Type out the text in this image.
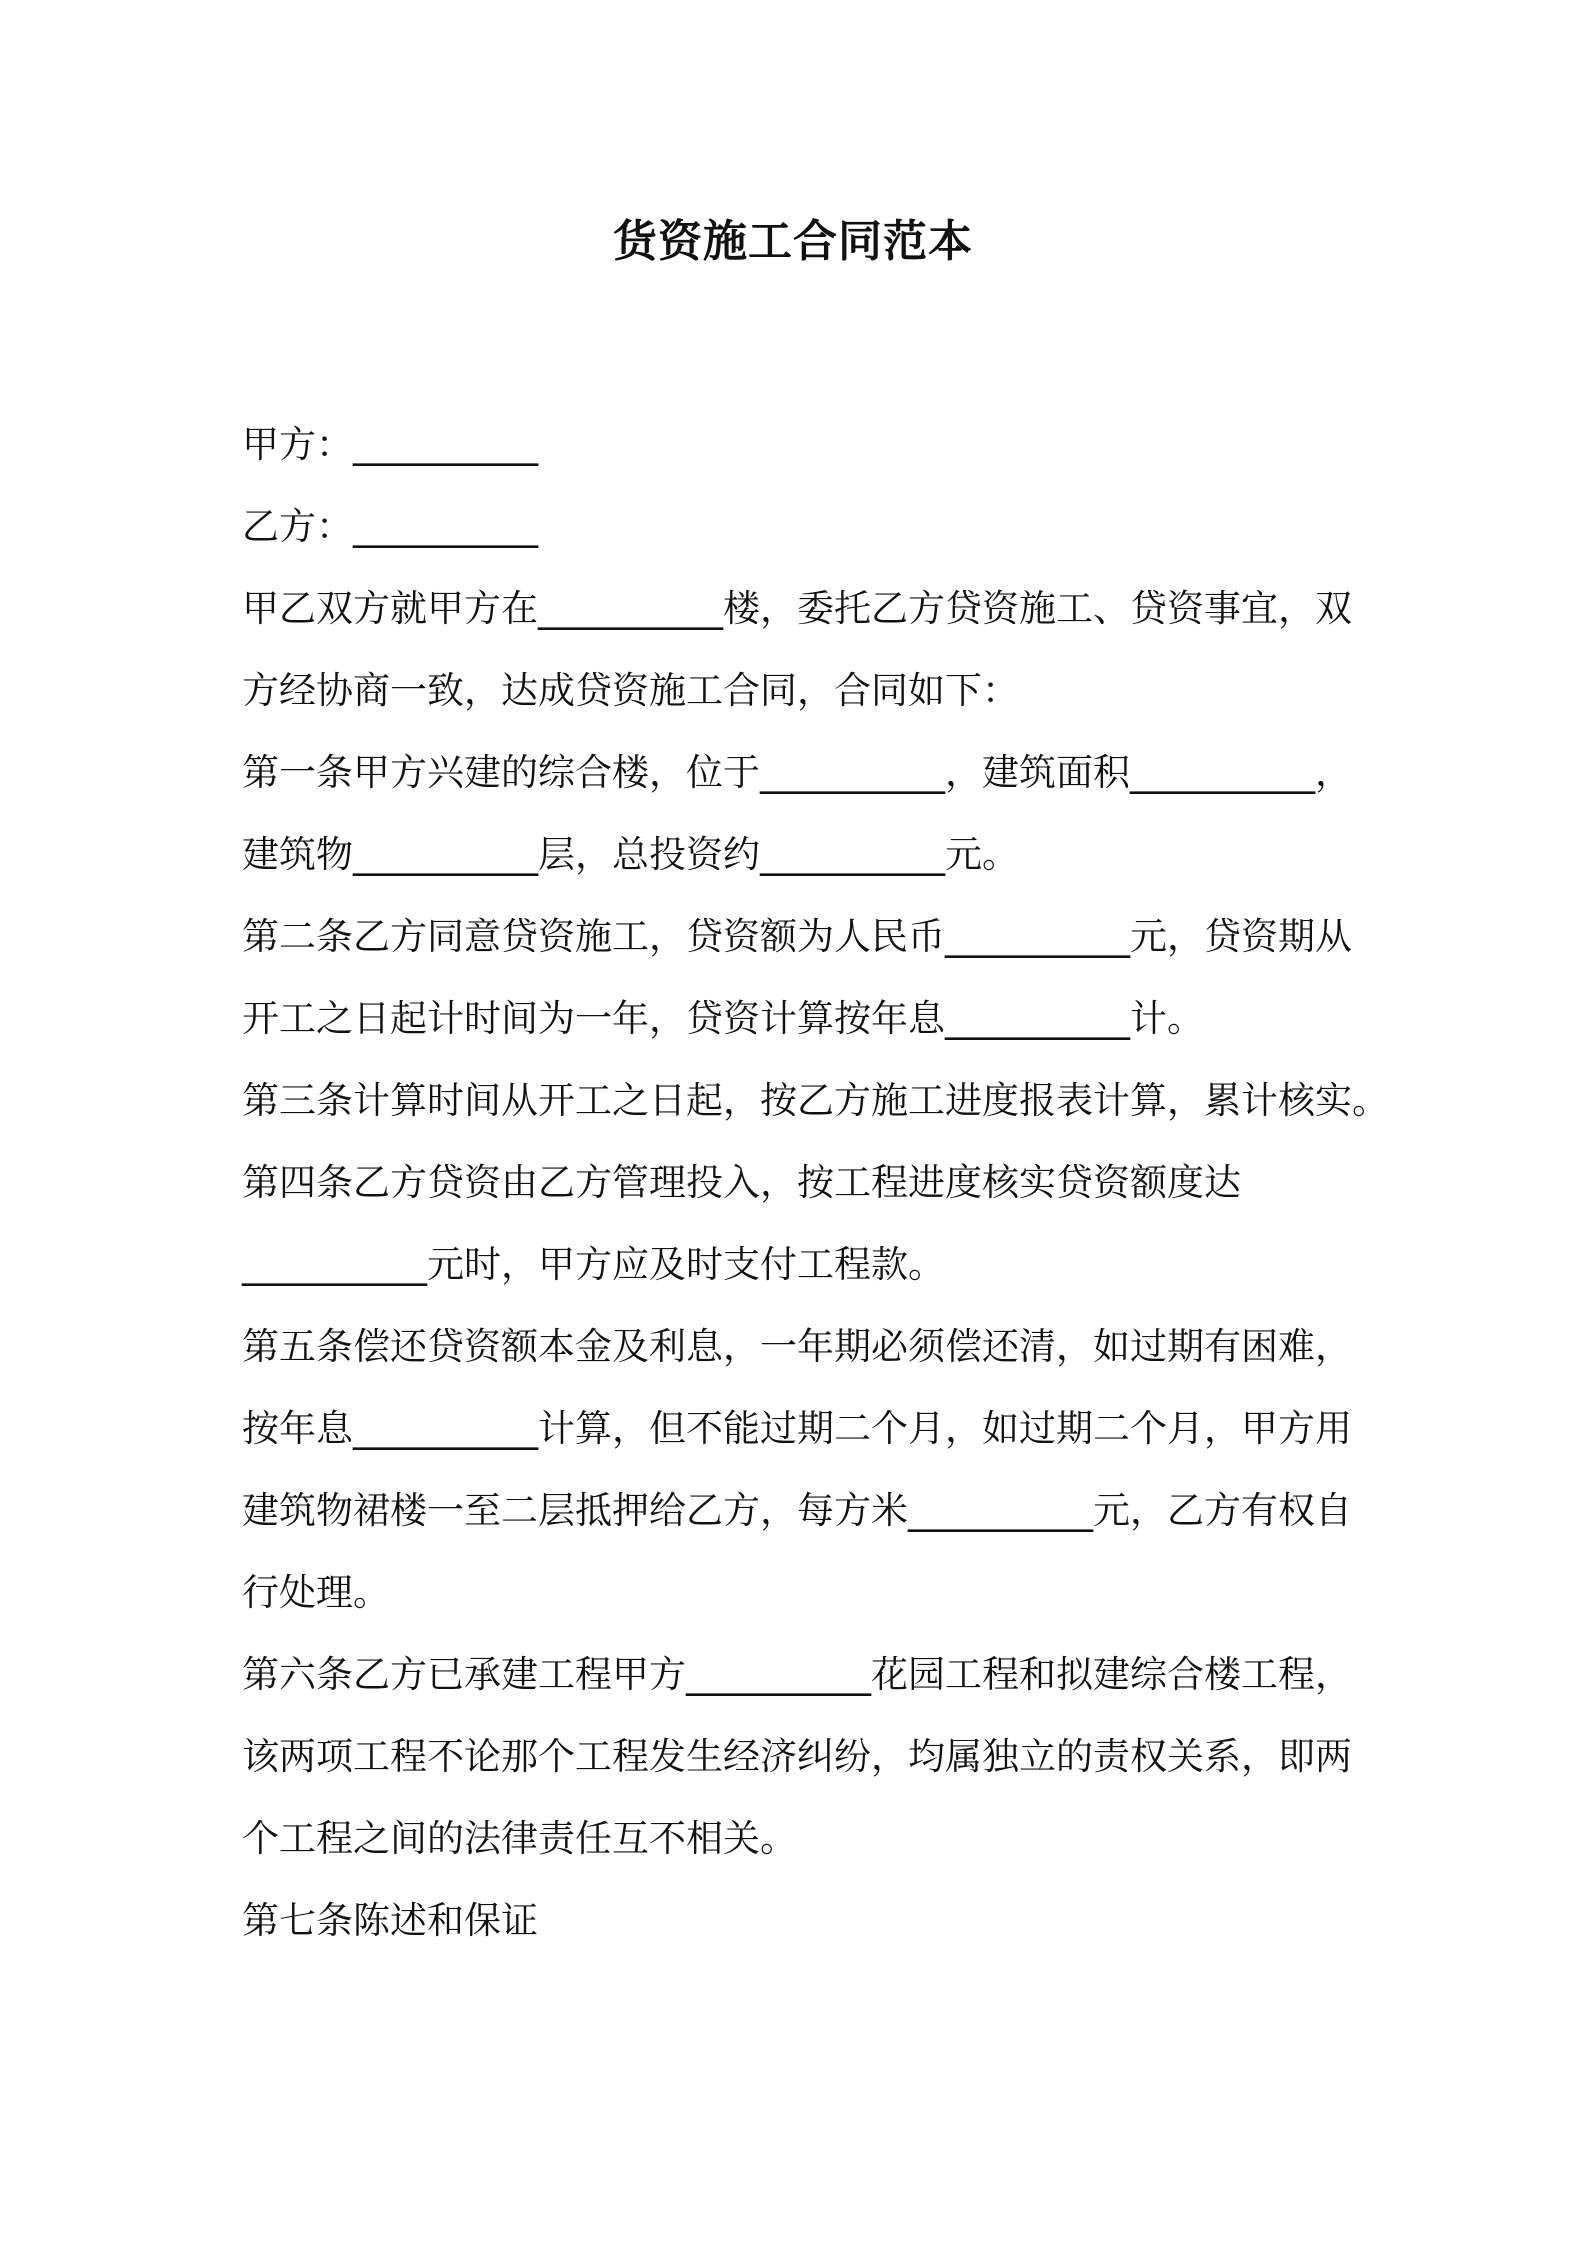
货资施工合同范本
甲方：__________
乙方：__________
甲乙双方就甲方在__________楼，委托乙方贷资施工、贷资事宜，双
方经协商一致，达成贷资施工合同，合同如下：
第一条甲方兴建的综合楼，位于__________，建筑面积__________，
建筑物__________层，总投资约__________元。
第二条乙方同意贷资施工，贷资额为人民币__________元，贷资期从
开工之日起计时间为一年，贷资计算按年息__________计。
第三条计算时间从开工之日起，按乙方施工进度报表计算，累计核实。
第四条乙方贷资由乙方管理投入，按工程进度核实贷资额度达
__________元时，甲方应及时支付工程款。
第五条偿还贷资额本金及利息，一年期必须偿还清，如过期有困难，
按年息__________计算，但不能过期二个月，如过期二个月，甲方用
建筑物裙楼一至二层抵押给乙方，每方米__________元，乙方有权自
行处理。
第六条乙方已承建工程甲方__________花园工程和拟建综合楼工程，
该两项工程不论那个工程发生经济纠纷，均属独立的责权关系，即两
个工程之间的法律责任互不相关。
第七条陈述和保证
